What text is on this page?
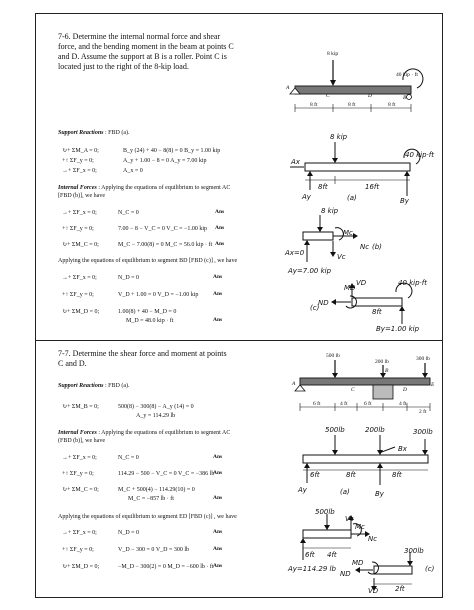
7-6. Determine the internal normal force and shear
force, and the bending moment in the beam at points C
and D. Assume the support at B is a roller. Point C is
located just to the right of the 8-kip load.
8 kip
40 kip · ft
A
C	D	B
8 ft	8 ft	8 ft
Support Reactions : FBD (a).
↻+ ΣM_A = 0;	B_y (24) + 40 − 8(8) = 0 B_y = 1.00 kip
+↑ ΣF_y = 0;	A_y + 1.00 − 8 = 0 A_y = 7.00 kip
→+ ΣF_x = 0;	A_x = 0
Internal Forces : Applying the equations of equilibrium to segment AC
[FBD (b)], we have
→+ ΣF_x = 0;	N_C = 0	Ans
+↑ ΣF_y = 0;	7.00 − 8 − V_C = 0 V_C = −1.00 kip Ans
↻+ ΣM_C = 0;	M_C − 7.00(8) = 0 M_C = 56.0 kip · ft Ans
Applying the equations of equilibrium to segment BD [FBD (c)] , we have
→+ ΣF_x = 0;	N_D = 0	Ans
+↑ ΣF_y = 0;	V_D + 1.00 = 0 V_D = −1.00 kip	Ans
↻+ ΣM_D = 0;	1.00(8) + 40 − M_D = 0
M_D = 48.0 kip · ft	Ans
8 kip
40 kip·ft
Ax
8ft	16ft
Ay	(a)	By
8 kip
Mc
Nc (b)
Ax=0	Vc
Ay=7.00 kip
MD
VD	40 kip·ft
ND
(c)	8ft
By=1.00 kip
7-7. Determine the shear force and moment at points
C and D.
500 lb
200 lb	300 lb
B
A
C	D
E
6 ft	4 ft	6 ft	4 ft
2 ft
Support Reactions : FBD (a).
↻+ ΣM_B = 0;	500(8) − 300(8) − A_y (14) = 0
A_y = 114.29 lb
Internal Forces : Applying the equations of equilibrium to segment AC
(FBD (b)], we have
→+ ΣF_x = 0;	N_C = 0	Ans
+↑ ΣF_y = 0;	114.29 − 500 − V_C = 0 V_C = −386 lb
Ans
↻+ ΣM_C = 0;	M_C + 500(4) − 114.29(10) = 0
M_C = −857 lb · ft	Ans
Applying the equations of equilibrium to segment ED [FBD (c)] , we have
→+ ΣF_x = 0;	N_D = 0	Ans
+↑ ΣF_y = 0;	V_D − 300 = 0 V_D = 300 lb	Ans
↻+ ΣM_D = 0;	−M_D − 300(2) = 0 M_D = −600 lb · ft Ans
500lb	200lb	300lb
Bx
6ft	8ft	8ft
Ay	(a)	By
500lb
Vc
Mc
Nc
6ft 4ft
Ay=114.29 lb
MD
ND
300lb
VD 2ft
(c)
